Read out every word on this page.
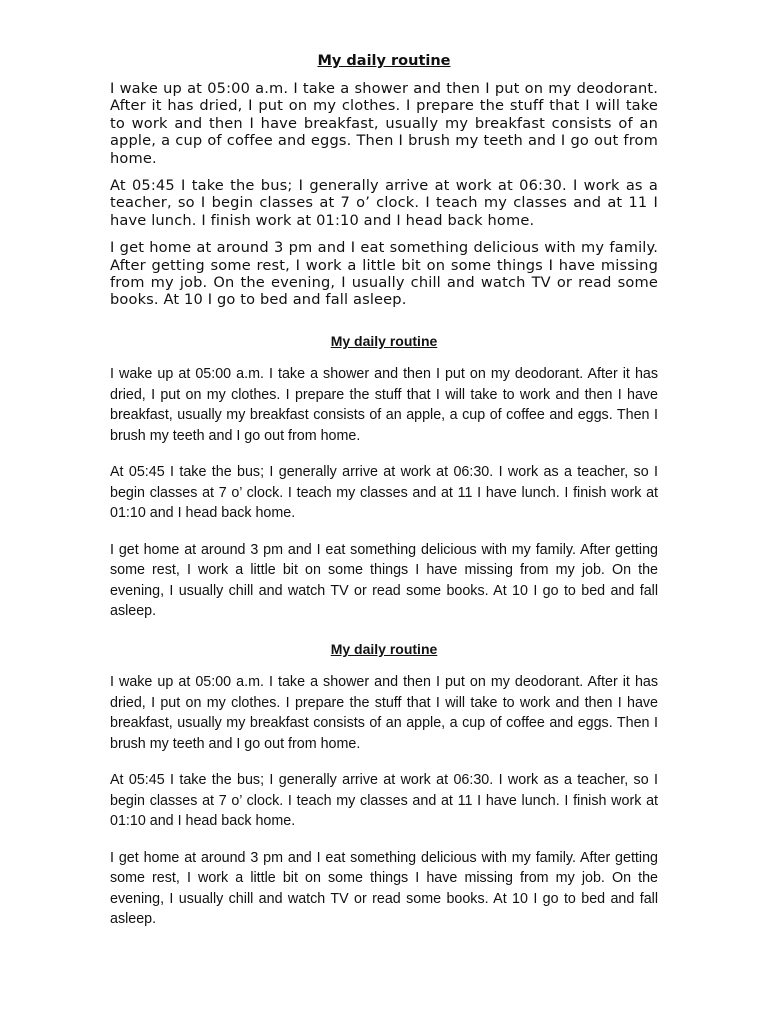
My daily routine

I wake up at 05:00 a.m. I take a shower and then I put on my deodorant. After it has dried, I put on my clothes. I prepare the stuff that I will take to work and then I have breakfast, usually my breakfast consists of an apple, a cup of coffee and eggs. Then I brush my teeth and I go out from home.

At 05:45 I take the bus; I generally arrive at work at 06:30. I work as a teacher, so I begin classes at 7 o’ clock. I teach my classes and at 11 I have lunch. I finish work at 01:10 and I head back home.

I get home at around 3 pm and I eat something delicious with my family. After getting some rest, I work a little bit on some things I have missing from my job. On the evening, I usually chill and watch TV or read some books. At 10 I go to bed and fall asleep.

My daily routine

I wake up at 05:00 a.m. I take a shower and then I put on my deodorant. After it has dried, I put on my clothes. I prepare the stuff that I will take to work and then I have breakfast, usually my breakfast consists of an apple, a cup of coffee and eggs. Then I brush my teeth and I go out from home.

At 05:45 I take the bus; I generally arrive at work at 06:30. I work as a teacher, so I begin classes at 7 o’ clock. I teach my classes and at 11 I have lunch. I finish work at 01:10 and I head back home.

I get home at around 3 pm and I eat something delicious with my family. After getting some rest, I work a little bit on some things I have missing from my job. On the evening, I usually chill and watch TV or read some books. At 10 I go to bed and fall asleep.

My daily routine

I wake up at 05:00 a.m. I take a shower and then I put on my deodorant. After it has dried, I put on my clothes. I prepare the stuff that I will take to work and then I have breakfast, usually my breakfast consists of an apple, a cup of coffee and eggs. Then I brush my teeth and I go out from home.

At 05:45 I take the bus; I generally arrive at work at 06:30. I work as a teacher, so I begin classes at 7 o’ clock. I teach my classes and at 11 I have lunch. I finish work at 01:10 and I head back home.

I get home at around 3 pm and I eat something delicious with my family. After getting some rest, I work a little bit on some things I have missing from my job. On the evening, I usually chill and watch TV or read some books. At 10 I go to bed and fall asleep.
